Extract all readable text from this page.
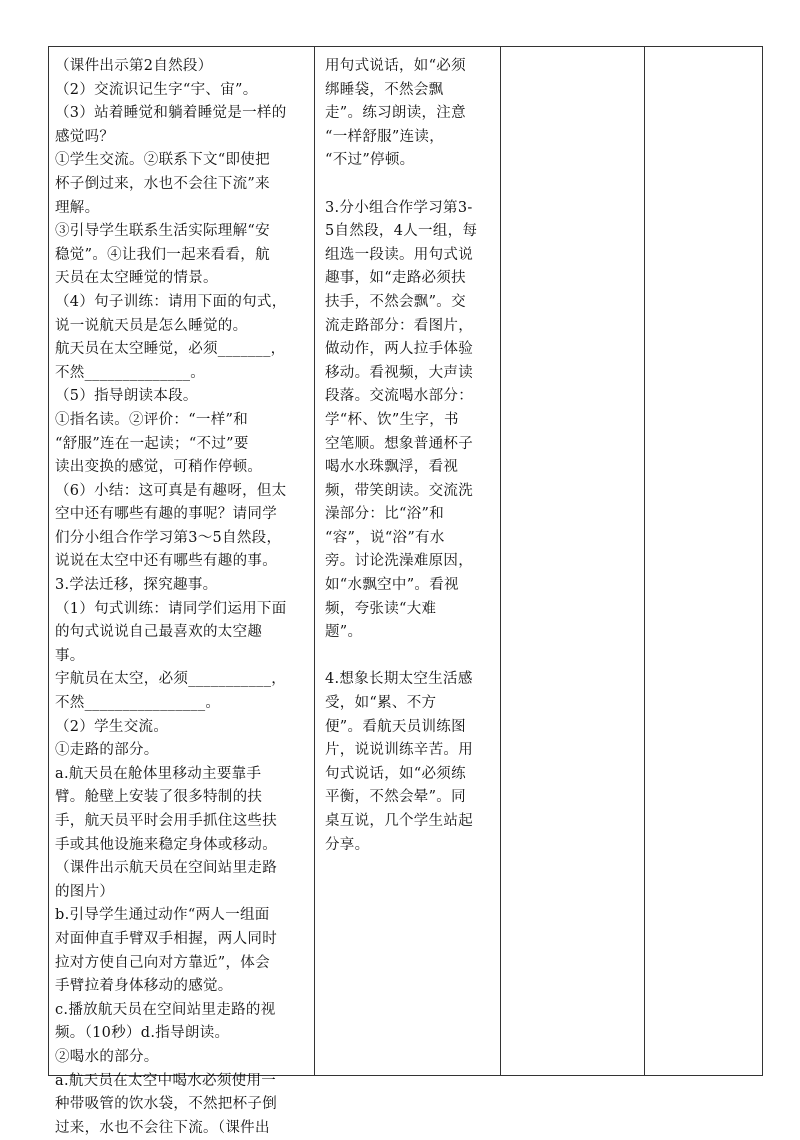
（课件出示第2自然段）
（2）交流识记生字“宇、宙”。
（3）站着睡觉和躺着睡觉是一样的
感觉吗？
①学生交流。②联系下文“即使把
杯子倒过来，水也不会往下流”来
理解。
③引导学生联系生活实际理解“安
稳觉”。④让我们一起来看看，航
天员在太空睡觉的情景。
（4）句子训练：请用下面的句式，
说一说航天员是怎么睡觉的。
航天员在太空睡觉，必须_______，
不然______________。
（5）指导朗读本段。
①指名读。②评价：“一样”和
“舒服”连在一起读；“不过”要
读出变换的感觉，可稍作停顿。
（6）小结：这可真是有趣呀，但太
空中还有哪些有趣的事呢？请同学
们分小组合作学习第3～5自然段，
说说在太空中还有哪些有趣的事。
3.学法迁移，探究趣事。
（1）句式训练：请同学们运用下面
的句式说说自己最喜欢的太空趣
事。
宇航员在太空，必须___________，
不然________________。
（2）学生交流。
①走路的部分。
a.航天员在舱体里移动主要靠手
臂。舱壁上安装了很多特制的扶
手，航天员平时会用手抓住这些扶
手或其他设施来稳定身体或移动。
（课件出示航天员在空间站里走路
的图片）
b.引导学生通过动作“两人一组面
对面伸直手臂双手相握，两人同时
拉对方使自己向对方靠近”，体会
手臂拉着身体移动的感觉。
c.播放航天员在空间站里走路的视
频。（10秒）d.指导朗读。
②喝水的部分。
a.航天员在太空中喝水必须使用一
种带吸管的饮水袋，不然把杯子倒
过来，水也不会往下流。（课件出
用句式说话，如“必须
绑睡袋，不然会飘
走”。练习朗读，注意
“一样舒服”连读，
“不过”停顿。
3.分小组合作学习第3-
5自然段，4人一组，每
组选一段读。用句式说
趣事，如“走路必须扶
扶手，不然会飘”。交
流走路部分：看图片，
做动作，两人拉手体验
移动。看视频，大声读
段落。交流喝水部分：
学“杯、饮”生字，书
空笔顺。想象普通杯子
喝水水珠飘浮，看视
频，带笑朗读。交流洗
澡部分：比“浴”和
“容”，说“浴”有水
旁。讨论洗澡难原因，
如“水飘空中”。看视
频，夸张读“大难
题”。
4.想象长期太空生活感
受，如“累、不方
便”。看航天员训练图
片，说说训练辛苦。用
句式说话，如“必须练
平衡，不然会晕”。同
桌互说，几个学生站起
分享。
